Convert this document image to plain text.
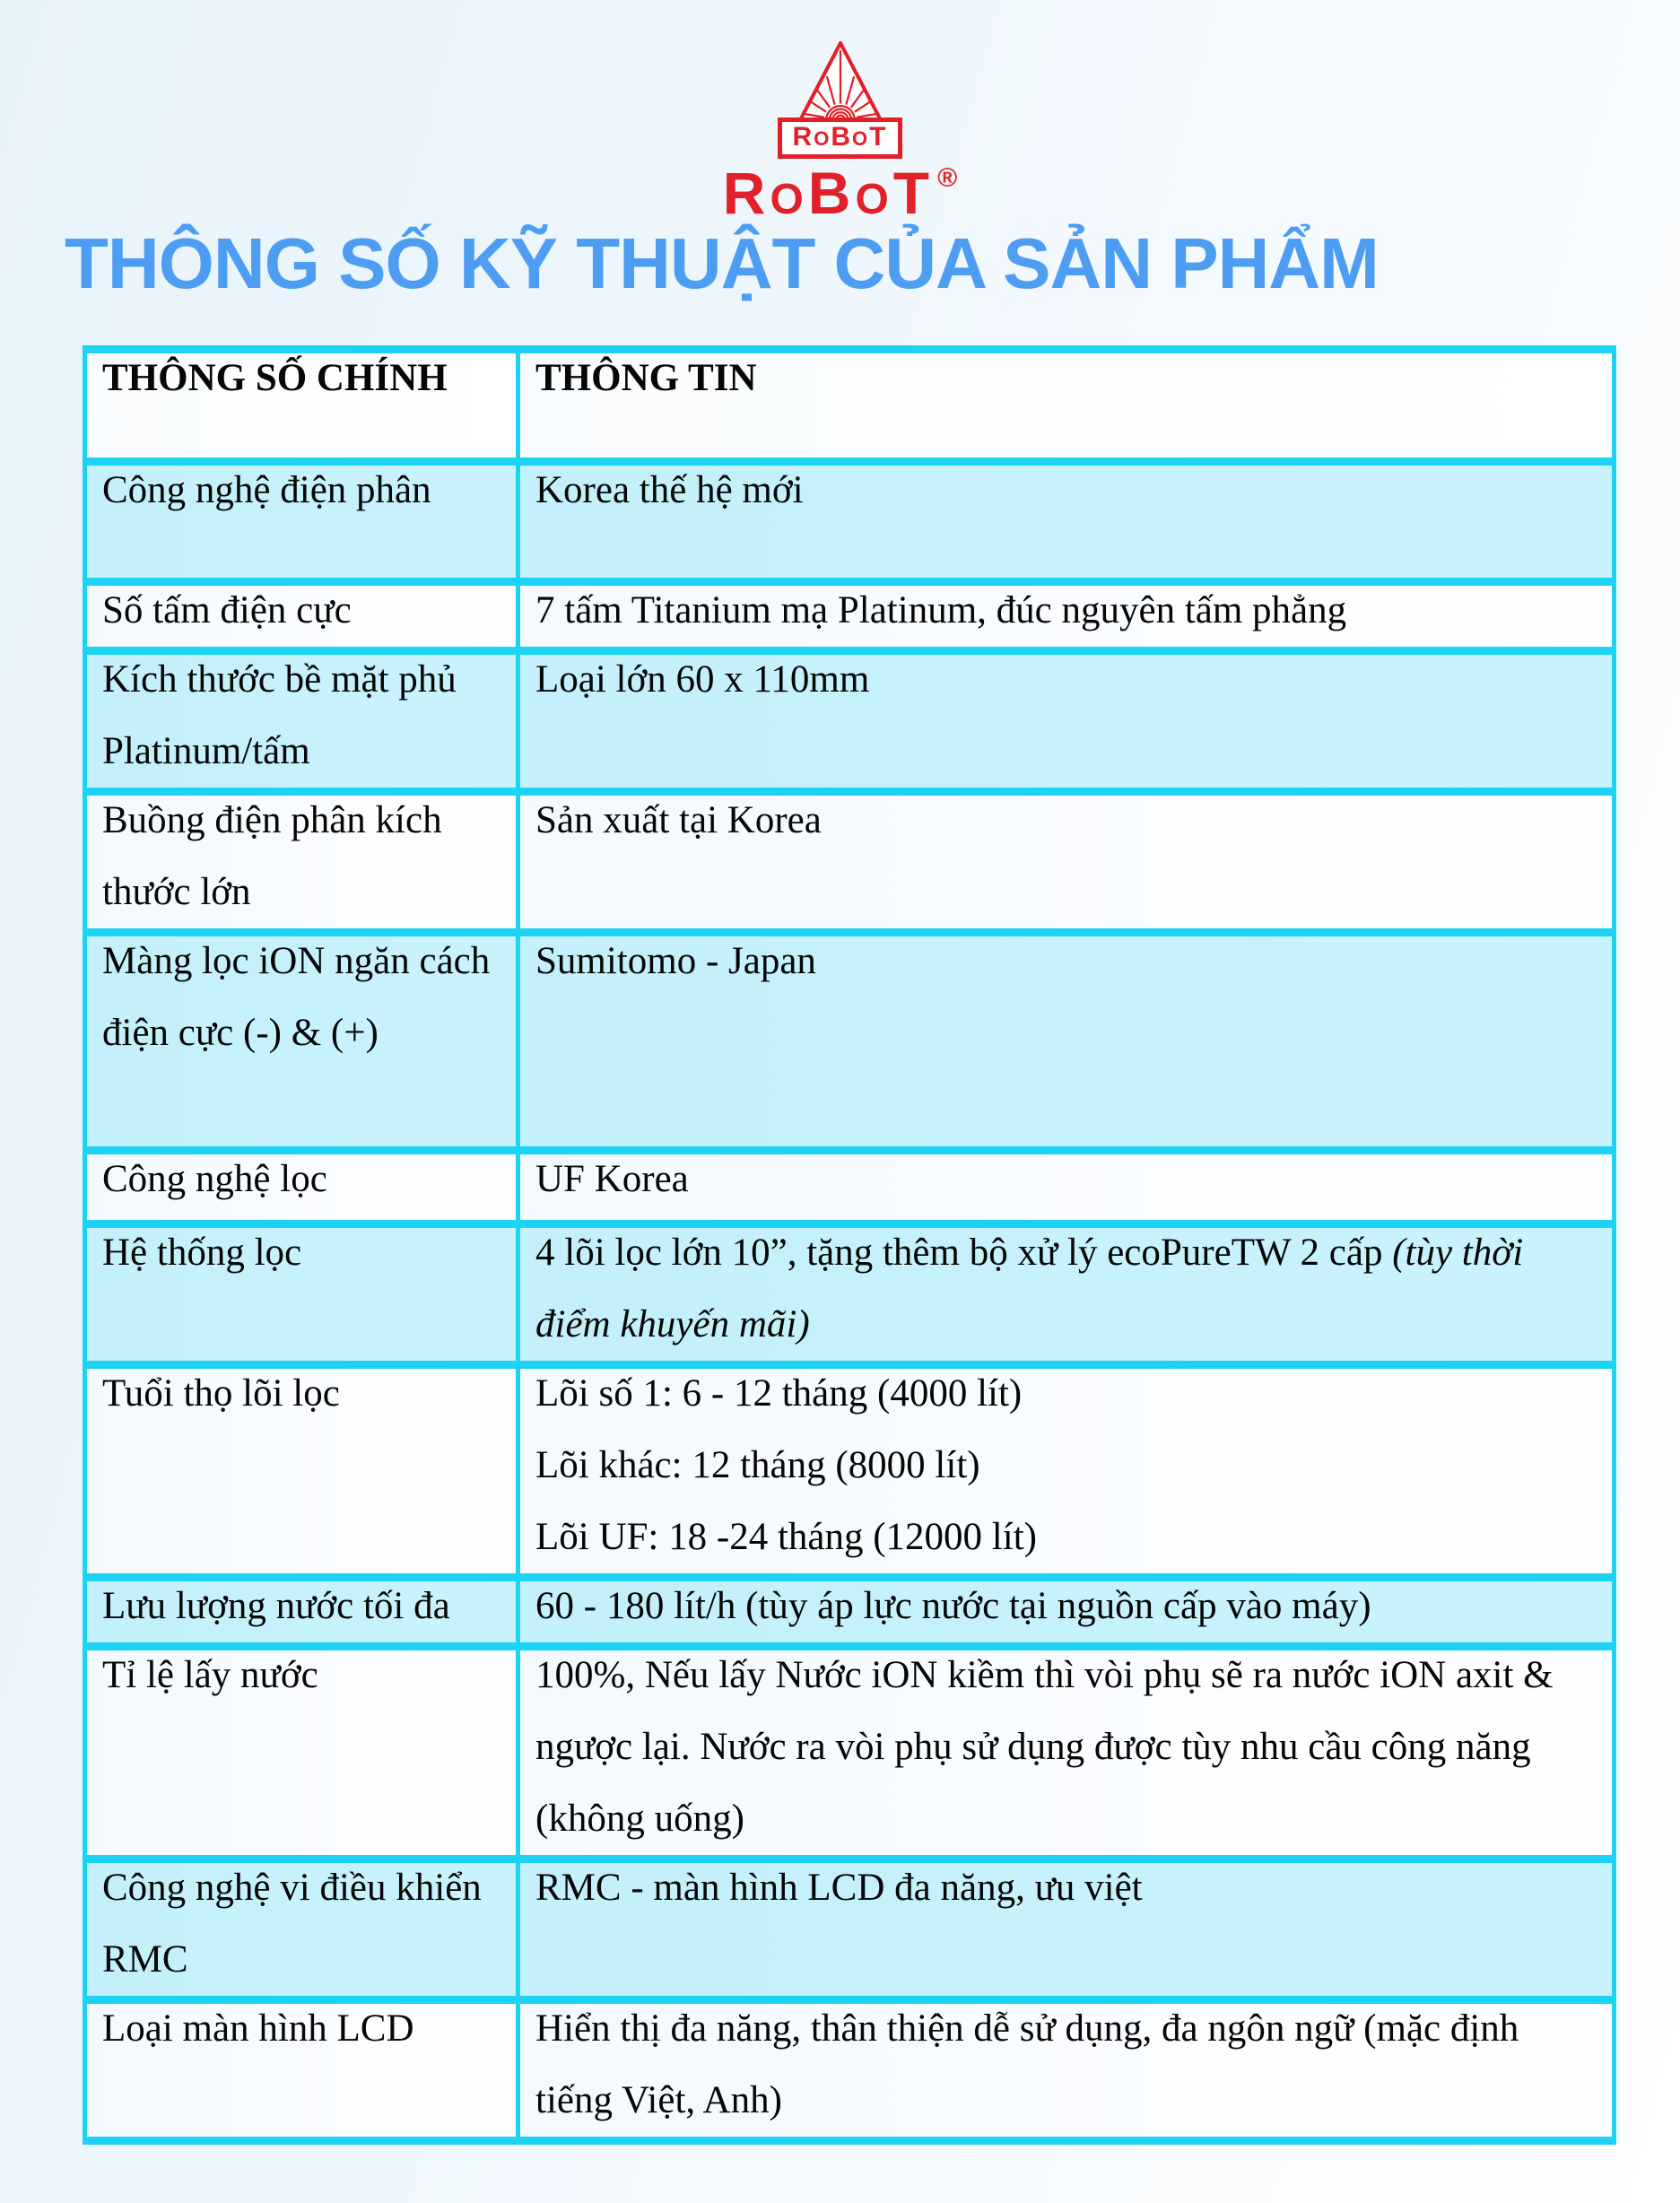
R O B O T
R O B O T ®
THÔNG SỐ KỸ THUẬT CỦA SẢN PHẨM
THÔNG SỐ CHÍNH	THÔNG TIN

Công nghệ điện phân	Korea thế hệ mới

Số tấm điện cực	7 tấm Titanium mạ Platinum, đúc nguyên tấm phẳng

Kích thước bề mặt phủ Platinum/tấm	Loại lớn 60 x 110mm

Buồng điện phân kích thước lớn	Sản xuất tại Korea

Màng lọc iON ngăn cách điện cực (-) & (+)	Sumitomo - Japan

Công nghệ lọc	UF Korea

Hệ thống lọc	4 lõi lọc lớn 10”, tặng thêm bộ xử lý ecoPureTW 2 cấp (tùy thời điểm khuyến mãi)

Tuổi thọ lõi lọc	Lõi số 1: 6 - 12 tháng (4000 lít)
Lõi khác: 12 tháng (8000 lít)
Lõi UF: 18 -24 tháng (12000 lít)

Lưu lượng nước tối đa	60 - 180 lít/h (tùy áp lực nước tại nguồn cấp vào máy)

Tỉ lệ lấy nước	100%, Nếu lấy Nước iON kiềm thì vòi phụ sẽ ra nước iON axit & ngược lại. Nước ra vòi phụ sử dụng được tùy nhu cầu công năng (không uống)

Công nghệ vi điều khiển RMC	RMC - màn hình LCD đa năng, ưu việt

Loại màn hình LCD	Hiển thị đa năng, thân thiện dễ sử dụng, đa ngôn ngữ (mặc định tiếng Việt, Anh)
